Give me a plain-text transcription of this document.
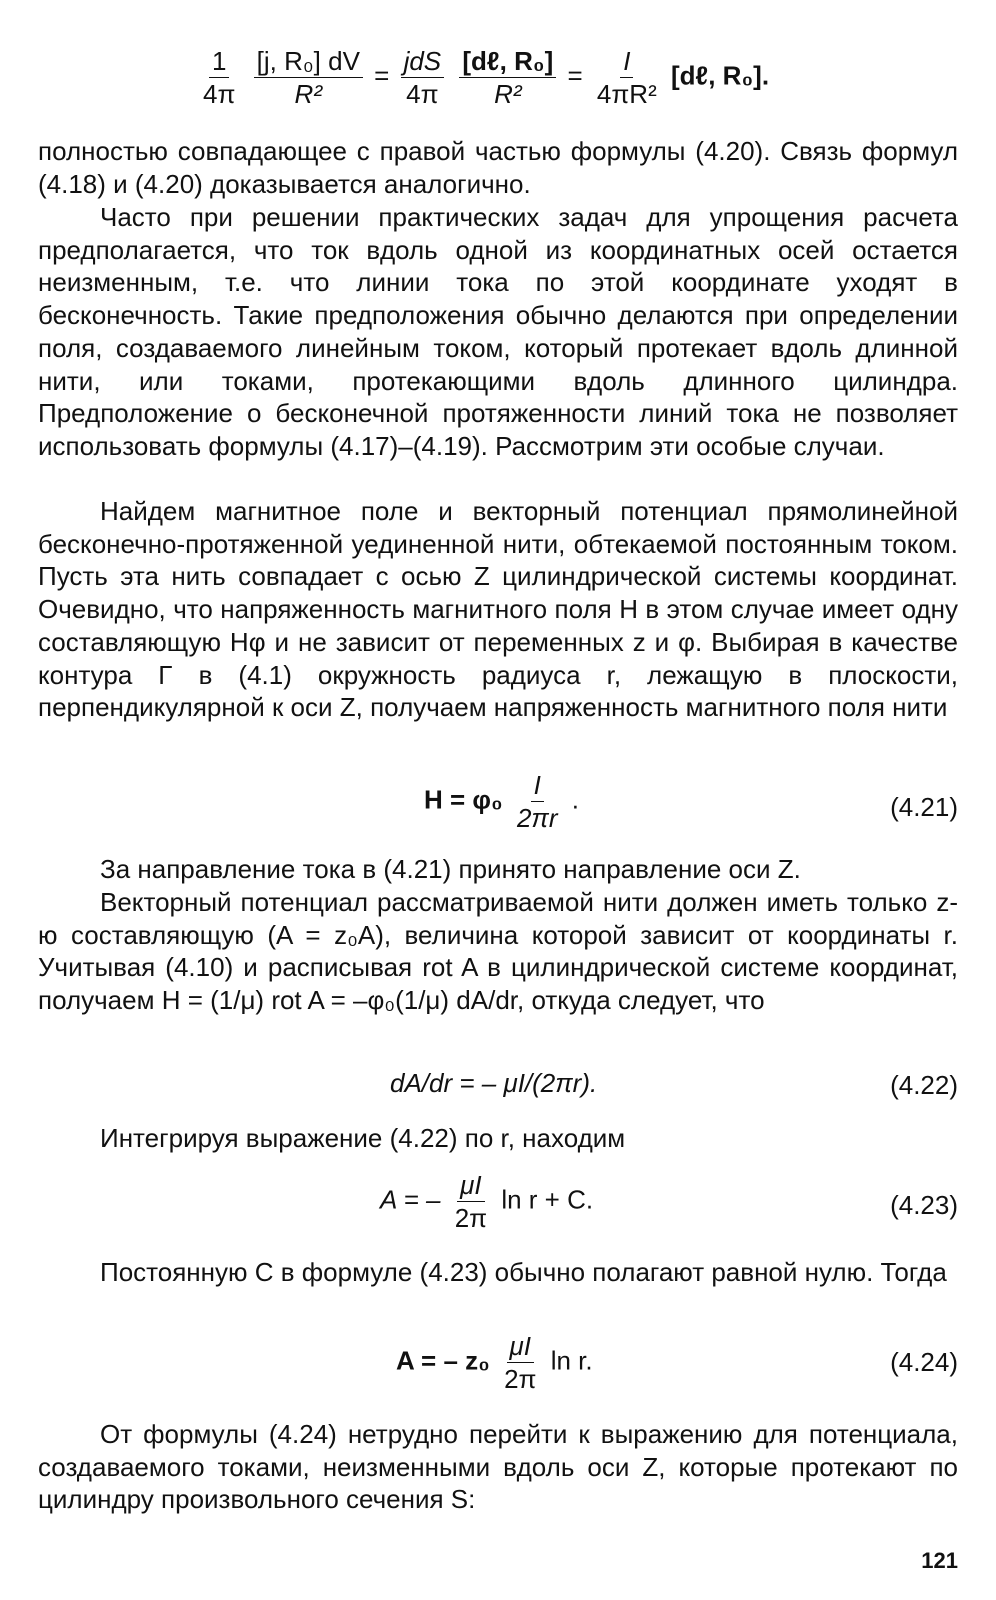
$\frac{1}{4\pi}$
$\frac{\text{[j, R₀] dV}}{\text{R²}} = \frac{\text{jdS}}{4\pi}$
$\frac{\text{[dℓ, R₀]}}{\text{R²}} = \frac{I}{\text{4πR²}}$ [dℓ, R₀].

полностью совпадающее с правой частью формулы (4.20). Связь формул (4.18) и (4.20) доказывается аналогично.

Часто при решении практических задач для упрощения расчета предполагается, что ток вдоль одной из координатных осей остается неизменным, т.е. что линии тока по этой координате уходят в бесконечность. Такие предположения обычно делаются при определении поля, создаваемого линейным током, который протекает вдоль длинной нити, или токами, протекающими вдоль длинного цилиндра. Предположение о бесконечной протяженности линий тока не позволяет использовать формулы (4.17)–(4.19). Рассмотрим эти особые случаи.

Найдем магнитное поле и векторный потенциал прямолинейной бесконечно-протяженной уединенной нити, обтекаемой постоянным током. Пусть эта нить совпадает с осью Z цилиндрической системы координат. Очевидно, что напряженность магнитного поля H в этом случае имеет одну составляющую Hφ и не зависит от переменных z и φ. Выбирая в качестве контура Γ в (4.1) окружность радиуса r, лежащую в плоскости, перпендикулярной к оси Z, получаем напряженность магнитного поля нити

$H = \varphi_0 \frac{I}{2\pi r}$ .	(4.21)

За направление тока в (4.21) принято направление оси Z.

Векторный потенциал рассматриваемой нити должен иметь только z-ю составляющую (A = z₀A), величина которой зависит от координаты r. Учитывая (4.10) и расписывая rot A в цилиндрической системе координат, получаем H = (1/μ) rot A = –φ₀(1/μ) dA/dr, откуда следует, что

dA/dr = – μI/(2πr).	(4.22)

Интегрируя выражение (4.22) по r, находим

A = – $\frac{\mu I}{2\pi}$ ln r + C.	(4.23)

Постоянную C в формуле (4.23) обычно полагают равной нулю. Тогда

A = – $z_0 \frac{\mu I}{2\pi}$ ln r.	(4.24)

От формулы (4.24) нетрудно перейти к выражению для потенциала, создаваемого токами, неизменными вдоль оси Z, которые протекают по цилиндру произвольного сечения S:

121
